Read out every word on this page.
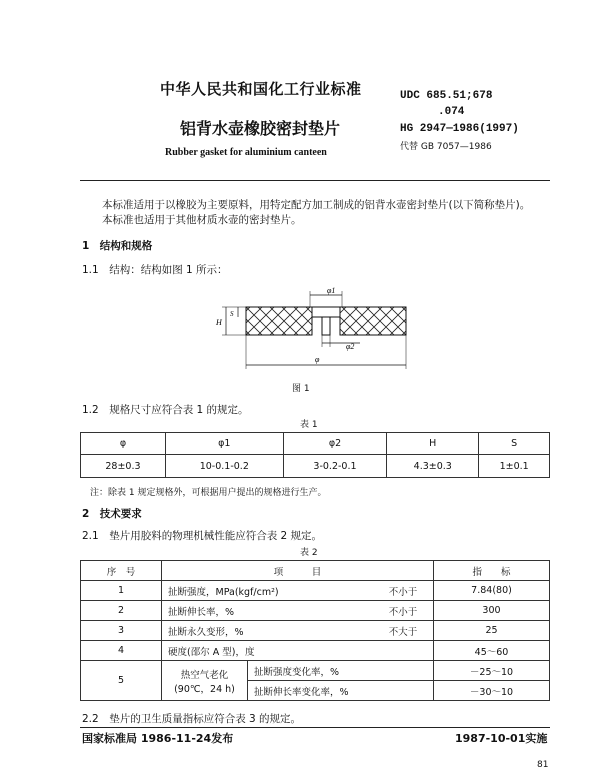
中华人民共和国化工行业标准	UDC 685.51;678
.074
铝背水壶橡胶密封垫片	HG 2947—1986(1997)
代替 GB 7057—1986
Rubber gasket for aluminium canteen
本标准适用于以橡胶为主要原料，用特定配方加工制成的铝背水壶密封垫片(以下简称垫片)。
本标准也适用于其他材质水壶的密封垫片。
1　结构和规格
1.1　结构：结构如图 1 所示：
φ1
φ2
φ
H
S
图 1
1.2　规格尺寸应符合表 1 的规定。
表 1
φ	φ1	φ2	H	S
28±0.3	10-0.1-0.2	3-0.2-0.1	4.3±0.3	1±0.1
注：除表 1 规定规格外，可根据用户提出的规格进行生产。
2　技术要求
2.1　垫片用胶料的物理机械性能应符合表 2 规定。
表 2
序　号	项　　　目			指　　标
1	扯断强度，MPa(kgf/cm²)		不小于	7.84(80)
2	扯断伸长率，%		不小于	300
3	扯断永久变形，%		不大于	25
4	硬度(邵尔 A 型)，度			45～60
5	热空气老化
(90℃，24 h)	扯断强度变化率，%		－25～10
		扯断伸长率变化率，%		－30～10
2.2　垫片的卫生质量指标应符合表 3 的规定。
国家标准局 1986-11-24发布	1987-10-01实施
81
